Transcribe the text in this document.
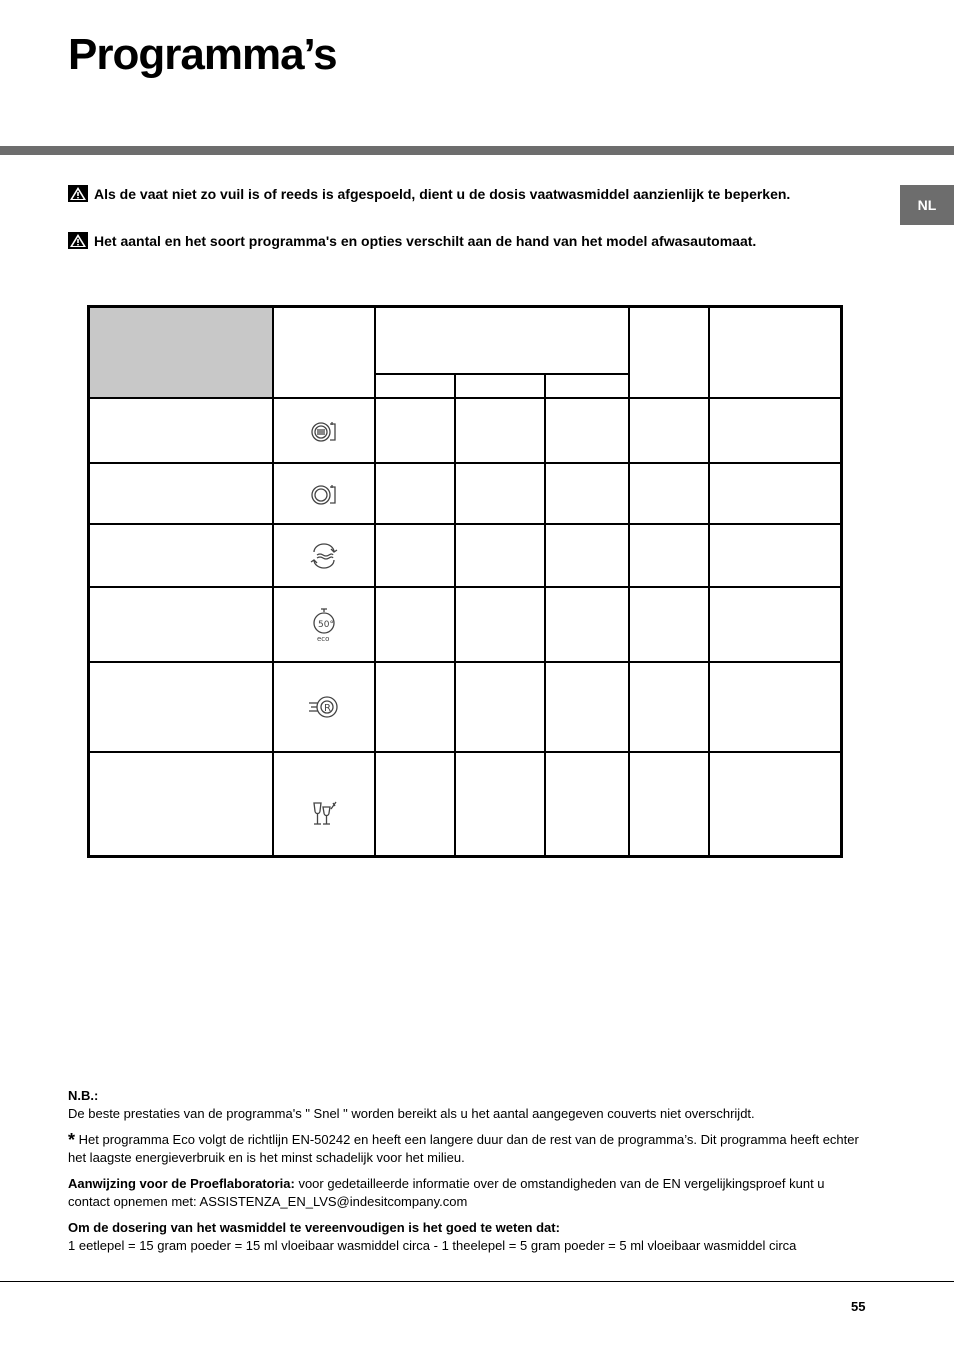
Programma’s
NL
Als de vaat niet zo vuil is of reeds is afgespoeld, dient u de dosis vaatwasmiddel aanzienlijk te beperken.
Het aantal en het soort programma's en opties verschilt aan de hand van het model afwasautomaat.
50°
eco
R

N.B.:

De beste prestaties van de programma's " Snel " worden bereikt als u het aantal aangegeven couverts niet overschrijdt.

* Het programma Eco volgt de richtlijn EN-50242 en heeft een langere duur dan de rest van de programma’s. Dit programma heeft echter het laagste energieverbruik en is het minst schadelijk voor het milieu.

Aanwijzing voor de Proeflaboratoria: voor gedetailleerde informatie over de omstandigheden van de EN vergelijkingsproef kunt u contact opnemen met: ASSISTENZA_EN_LVS@indesitcompany.com

Om de dosering van het wasmiddel te vereenvoudigen is het goed te weten dat:

1 eetlepel = 15 gram poeder = 15 ml vloeibaar wasmiddel circa - 1 theelepel = 5 gram poeder = 5 ml vloeibaar wasmiddel circa

55
